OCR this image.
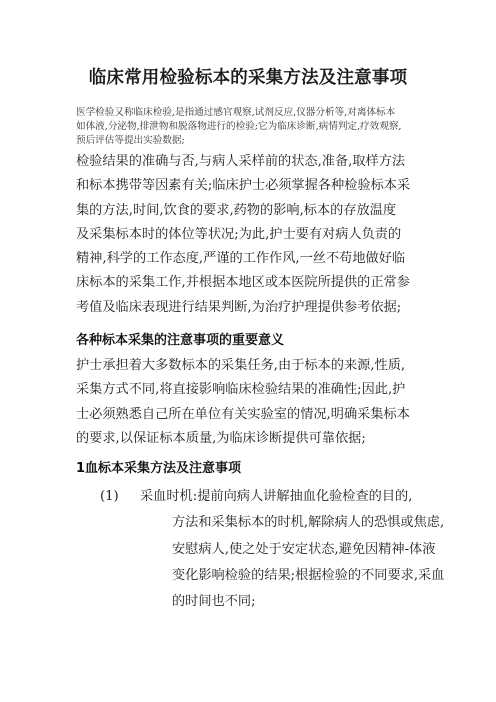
临床常用检验标本的采集方法及注意事项
医学检验又称临床检验,是指通过感官观察,试剂反应,仪器分析等,对离体标本
如体液,分泌物,排泄物和脱落物进行的检验;它为临床诊断,病情判定,疗效观察,
预后评估等提出实验数据;
检验结果的准确与否,与病人采样前的状态,准备,取样方法
和标本携带等因素有关;临床护士必须掌握各种检验标本采
集的方法,时间,饮食的要求,药物的影响,标本的存放温度
及采集标本时的体位等状况;为此,护士要有对病人负责的
精神,科学的工作态度,严谨的工作作风,一丝不苟地做好临
床标本的采集工作,并根据本地区或本医院所提供的正常参
考值及临床表现进行结果判断,为治疗护理提供参考依据;
各种标本采集的注意事项的重要意义
护士承担着大多数标本的采集任务,由于标本的来源,性质,
采集方式不同,将直接影响临床检验结果的准确性;因此,护
士必须熟悉自己所在单位有关实验室的情况,明确采集标本
的要求,以保证标本质量,为临床诊断提供可靠依据;
1血标本采集方法及注意事项
(1) 采血时机:提前向病人讲解抽血化验检查的目的,
方法和采集标本的时机,解除病人的恐惧或焦虑,
安慰病人,使之处于安定状态,避免因精神-体液
变化影响检验的结果;根据检验的不同要求,采血
的时间也不同;
